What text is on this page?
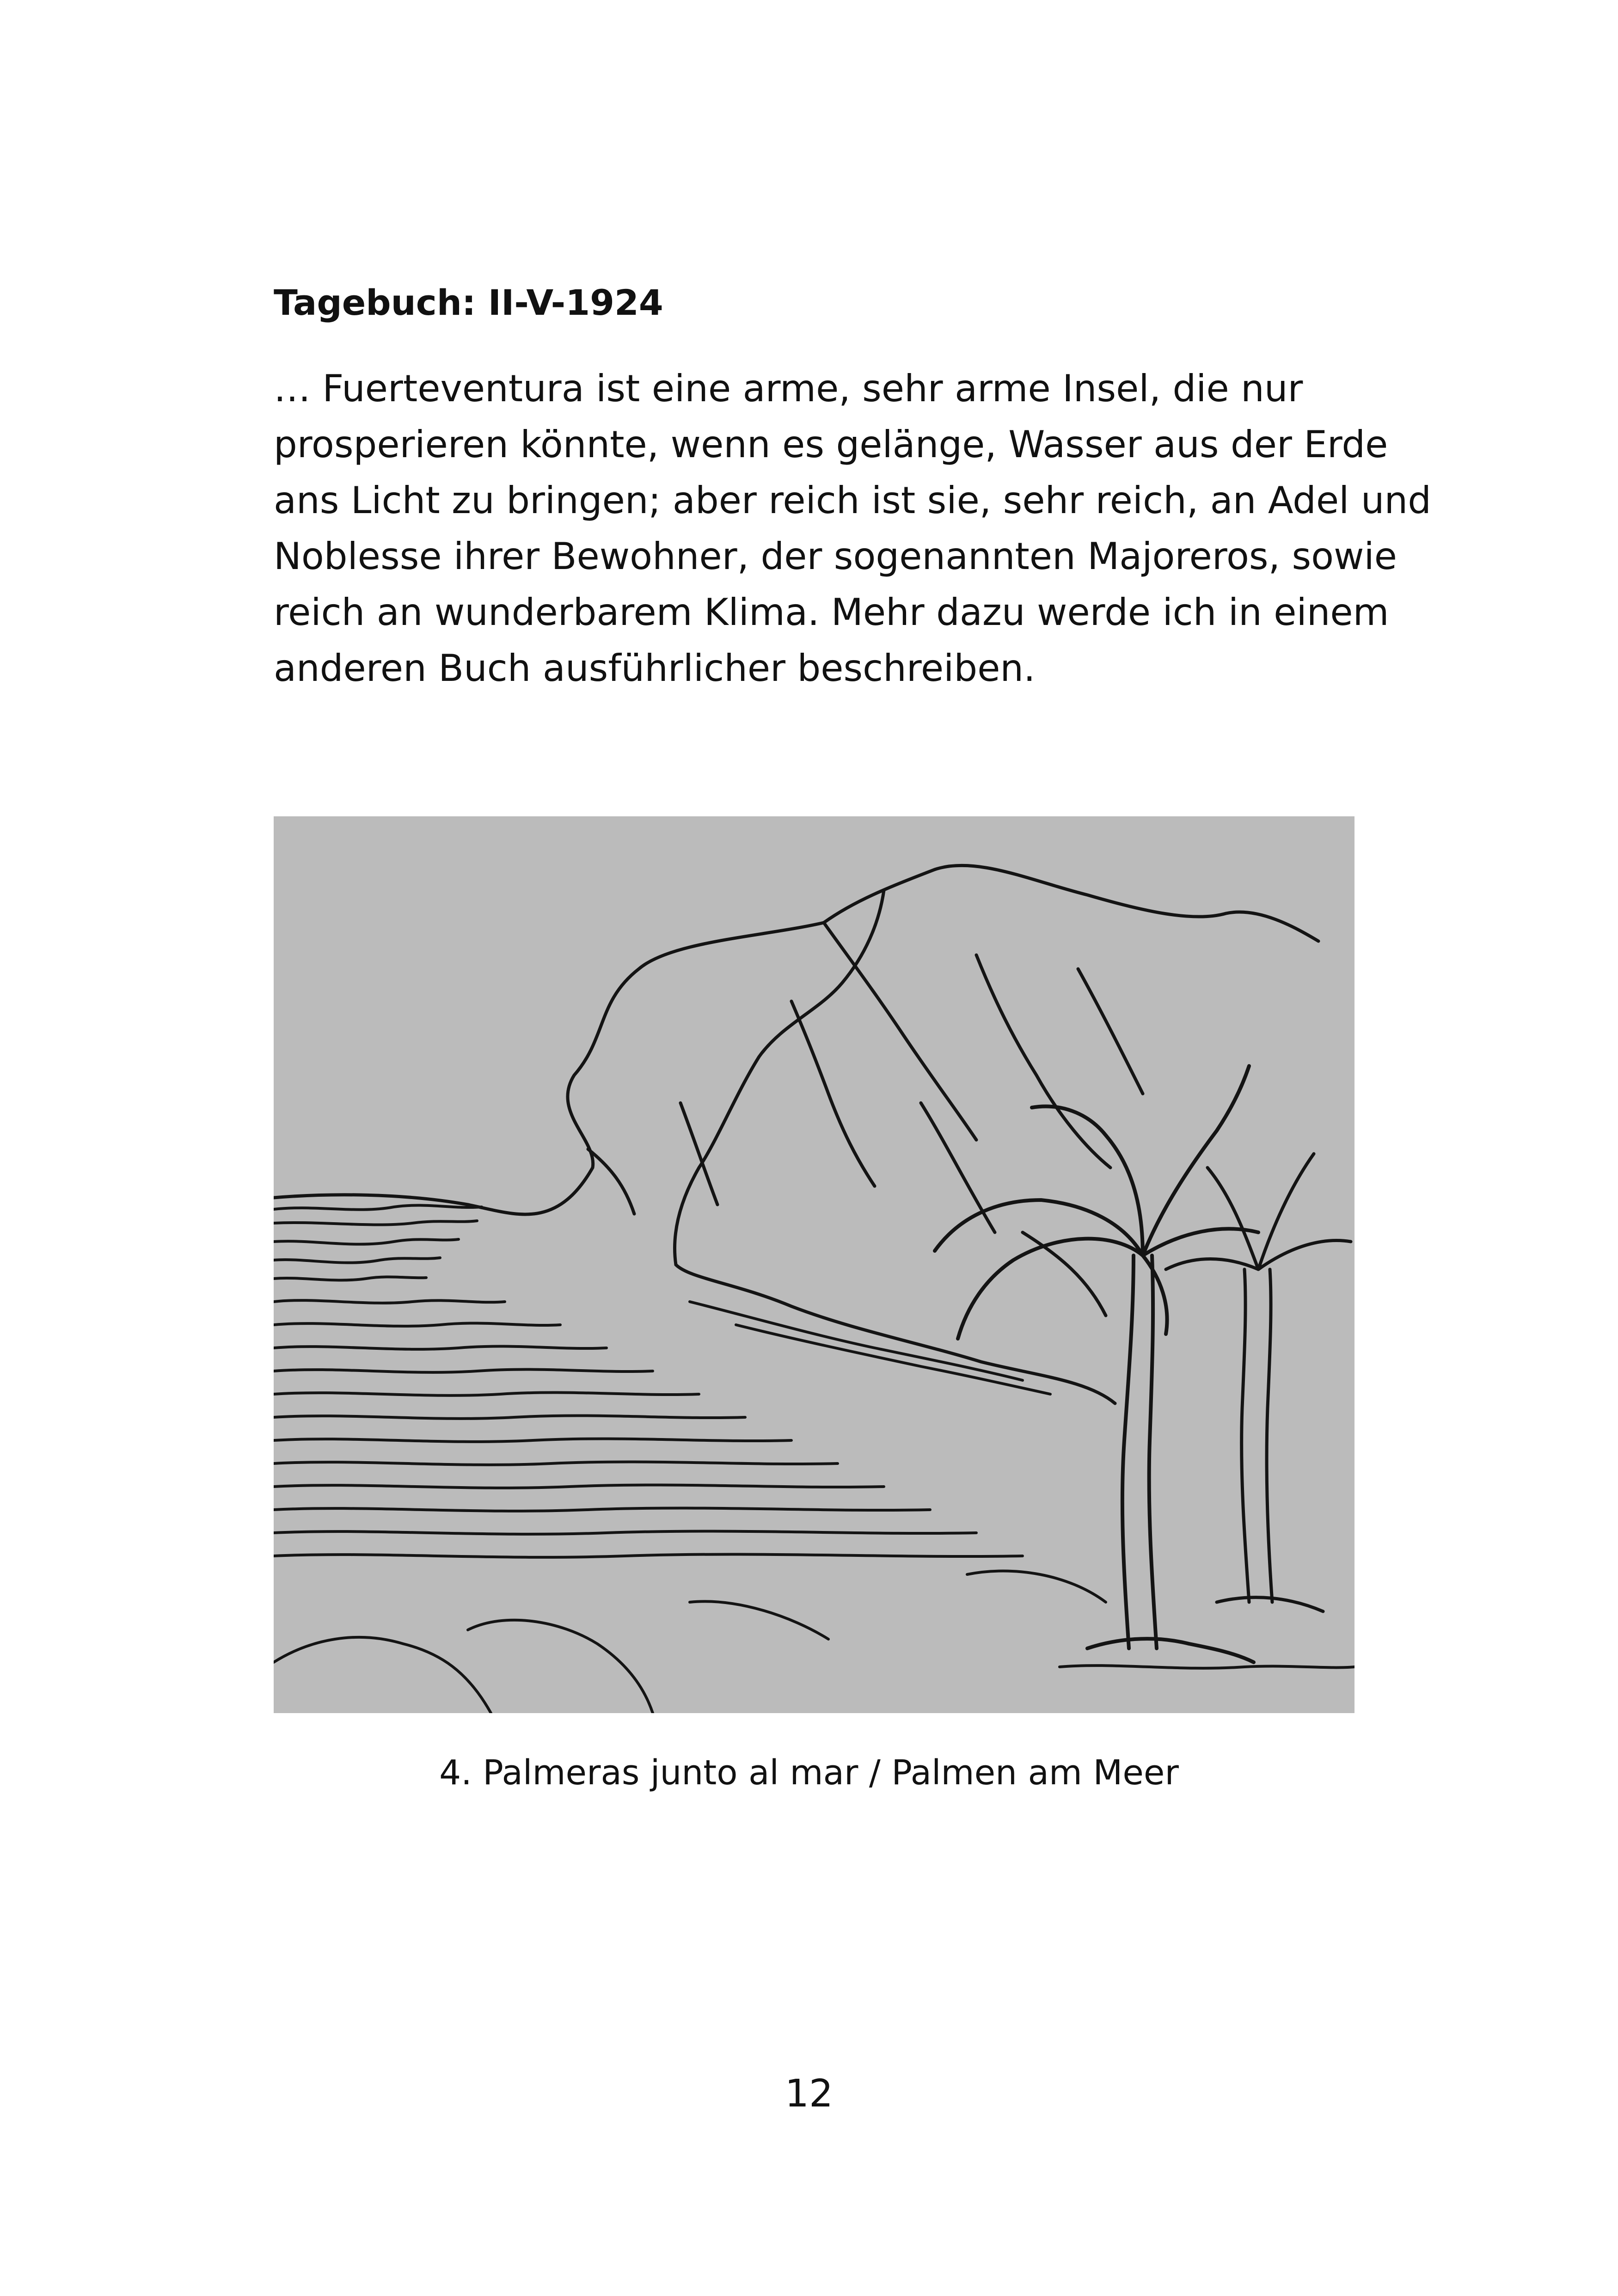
Tagebuch: II-V-1924

… Fuerteventura ist eine arme, sehr arme Insel, die nur
prosperieren könnte, wenn es gelänge, Wasser aus der Erde
ans Licht zu bringen; aber reich ist sie, sehr reich, an Adel und
Noblesse ihrer Bewohner, der sogenannten Majoreros, sowie
reich an wunderbarem Klima. Mehr dazu werde ich in einem
anderen Buch ausführlicher beschreiben.

4. Palmeras junto al mar / Palmen am Meer
12
